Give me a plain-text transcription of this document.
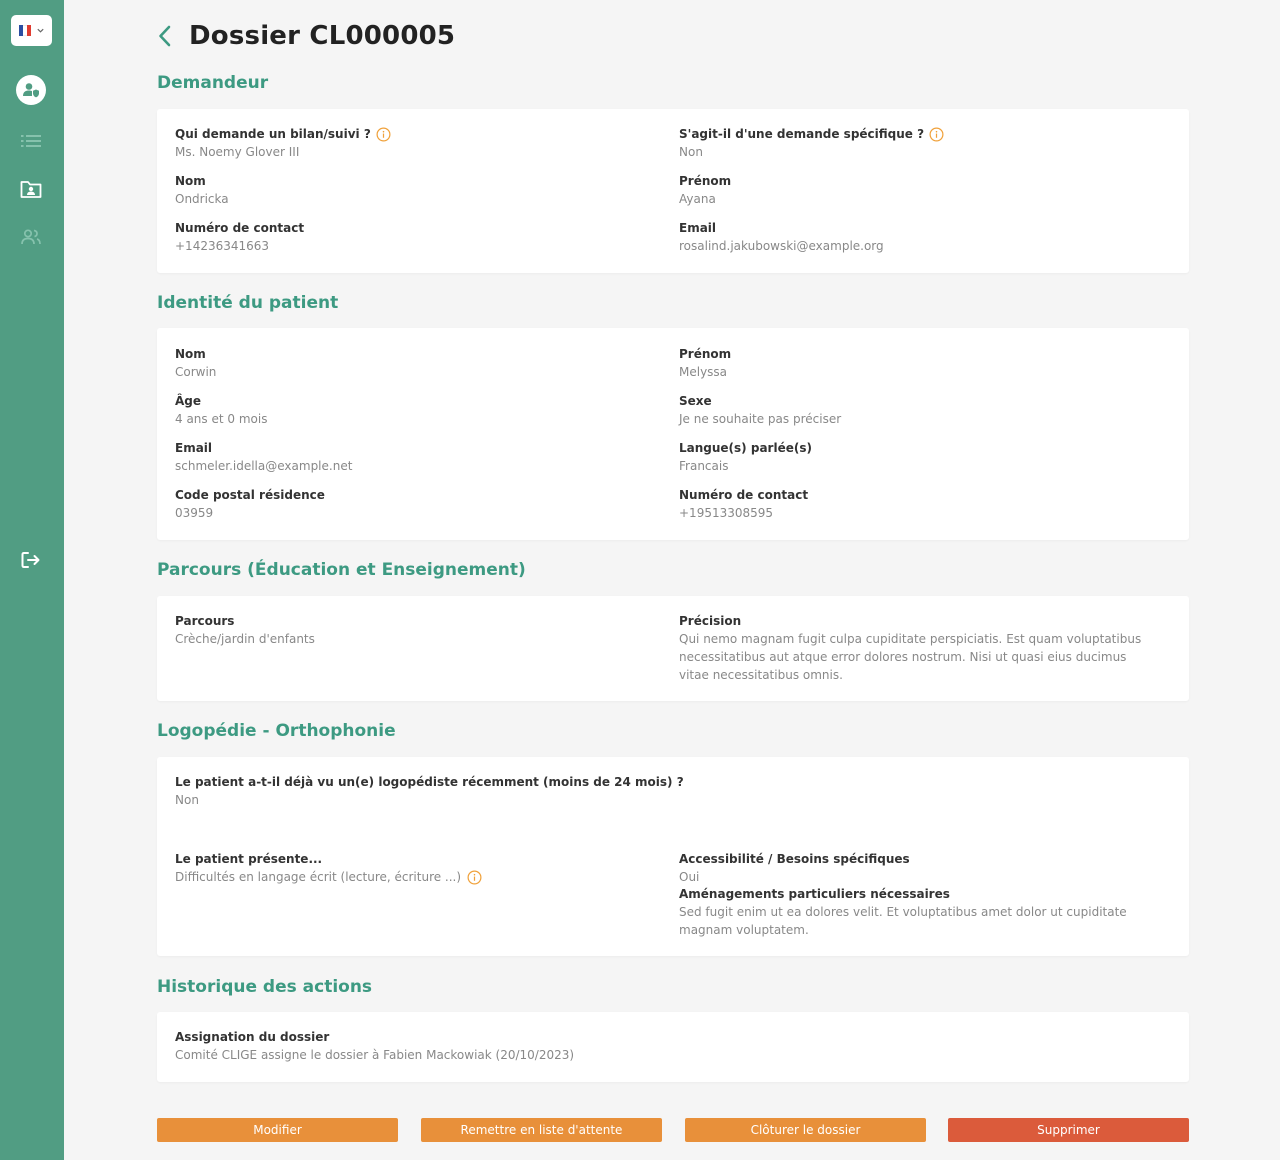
Dossier CL000005
Demandeur
Qui demande un bilan/suivi ?
Ms. Noemy Glover III
S'agit-il d'une demande spécifique ?
Non
Nom
Ondricka
Prénom
Ayana
Numéro de contact
+14236341663
Email
rosalind.jakubowski@example.org
Identité du patient
Nom
Corwin
Prénom
Melyssa
Âge
4 ans et 0 mois
Sexe
Je ne souhaite pas préciser
Email
schmeler.idella@example.net
Langue(s) parlée(s)
Francais
Code postal résidence
03959
Numéro de contact
+19513308595
Parcours (Éducation et Enseignement)
Parcours
Crèche/jardin d'enfants
Précision
Qui nemo magnam fugit culpa cupiditate perspiciatis. Est quam voluptatibus necessitatibus aut atque error dolores nostrum. Nisi ut quasi eius ducimus vitae necessitatibus omnis.
Logopédie - Orthophonie
Le patient a-t-il déjà vu un(e) logopédiste récemment (moins de 24 mois) ?
Non
Le patient présente...
Difficultés en langage écrit (lecture, écriture ...)
Accessibilité / Besoins spécifiques
Oui
Aménagements particuliers nécessaires
Sed fugit enim ut ea dolores velit. Et voluptatibus amet dolor ut cupiditate magnam voluptatem.
Historique des actions
Assignation du dossier
Comité CLIGE assigne le dossier à Fabien Mackowiak (20/10/2023)
Modifier	Remettre en liste d'attente	Clôturer le dossier	Supprimer
